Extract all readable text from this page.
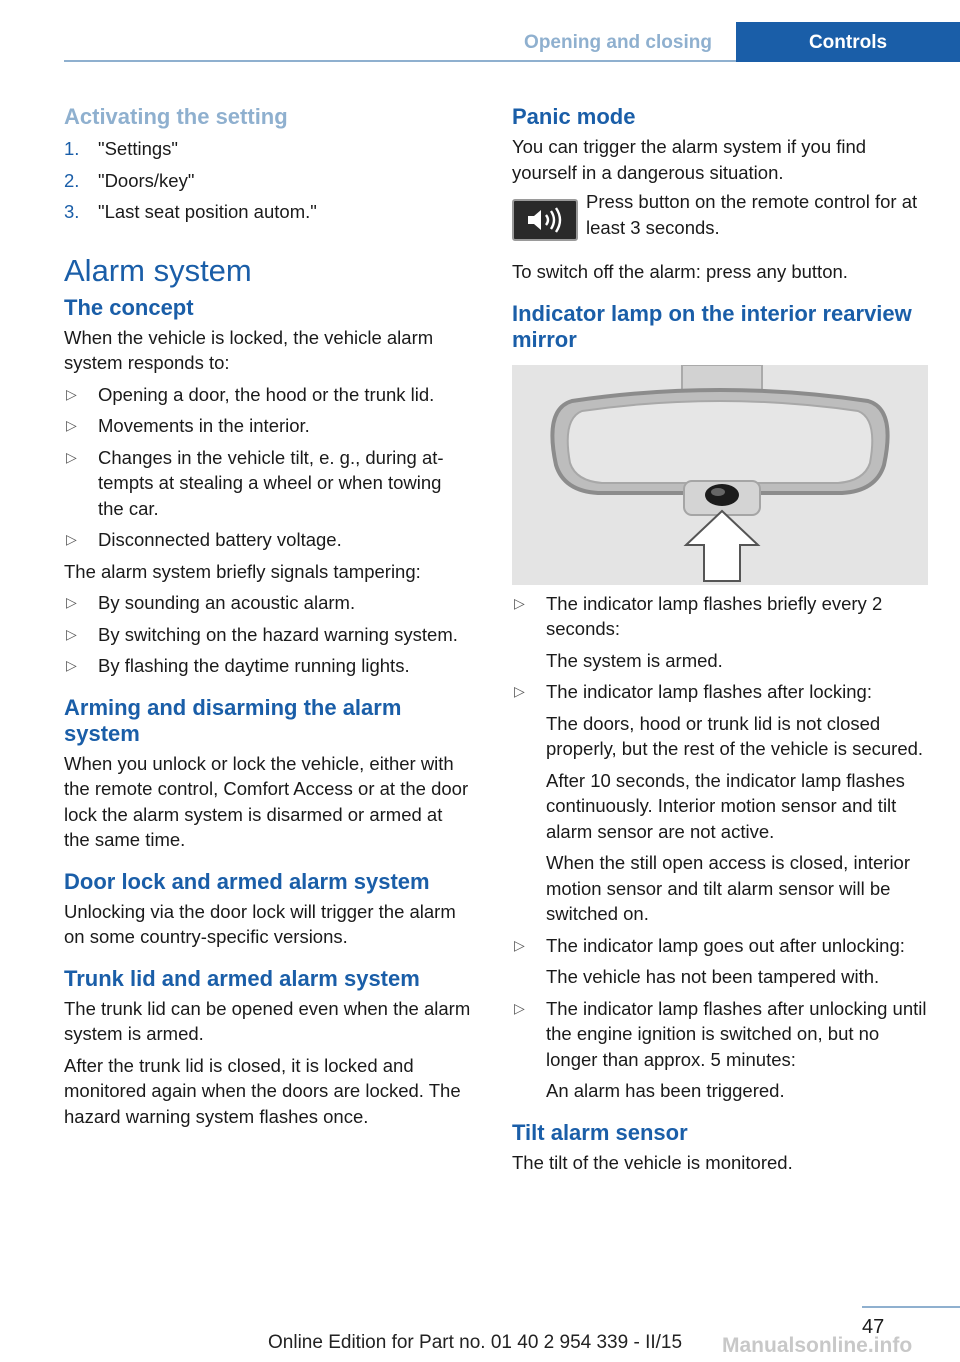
Opening and closing	Controls
Activating the setting
1. "Settings"
2. "Doors/key"
3. "Last seat position autom."
Alarm system
The concept

When the vehicle is locked, the vehicle alarm system responds to:

▷ Opening a door, the hood or the trunk lid.
▷ Movements in the interior.
▷ Changes in the vehicle tilt, e. g., during attempts at stealing a wheel or when towing the car.
▷ Disconnected battery voltage.

The alarm system briefly signals tampering:

▷ By sounding an acoustic alarm.
▷ By switching on the hazard warning system.
▷ By flashing the daytime running lights.
Arming and disarming the alarm system

When you unlock or lock the vehicle, either with the remote control, Comfort Access or at the door lock the alarm system is disarmed or armed at the same time.

Door lock and armed alarm system

Unlocking via the door lock will trigger the alarm on some country-specific versions.

Trunk lid and armed alarm system

The trunk lid can be opened even when the alarm system is armed.

After the trunk lid is closed, it is locked and monitored again when the doors are locked. The hazard warning system flashes once.

Panic mode

You can trigger the alarm system if you find yourself in a dangerous situation.

Press button on the remote control for at least 3 seconds.

To switch off the alarm: press any button.

Indicator lamp on the interior rearview mirror
▷ The indicator lamp flashes briefly every 2 seconds:
The system is armed.
▷ The indicator lamp flashes after locking:
The doors, hood or trunk lid is not closed properly, but the rest of the vehicle is secured.
After 10 seconds, the indicator lamp flashes continuously. Interior motion sensor and tilt alarm sensor are not active.
When the still open access is closed, interior motion sensor and tilt alarm sensor will be switched on.
▷ The indicator lamp goes out after unlocking:
The vehicle has not been tampered with.
▷ The indicator lamp flashes after unlocking until the engine ignition is switched on, but no longer than approx. 5 minutes:
An alarm has been triggered.
Tilt alarm sensor

The tilt of the vehicle is monitored.

47
Online Edition for Part no. 01 40 2 954 339 - II/15 Manualsonline.info
